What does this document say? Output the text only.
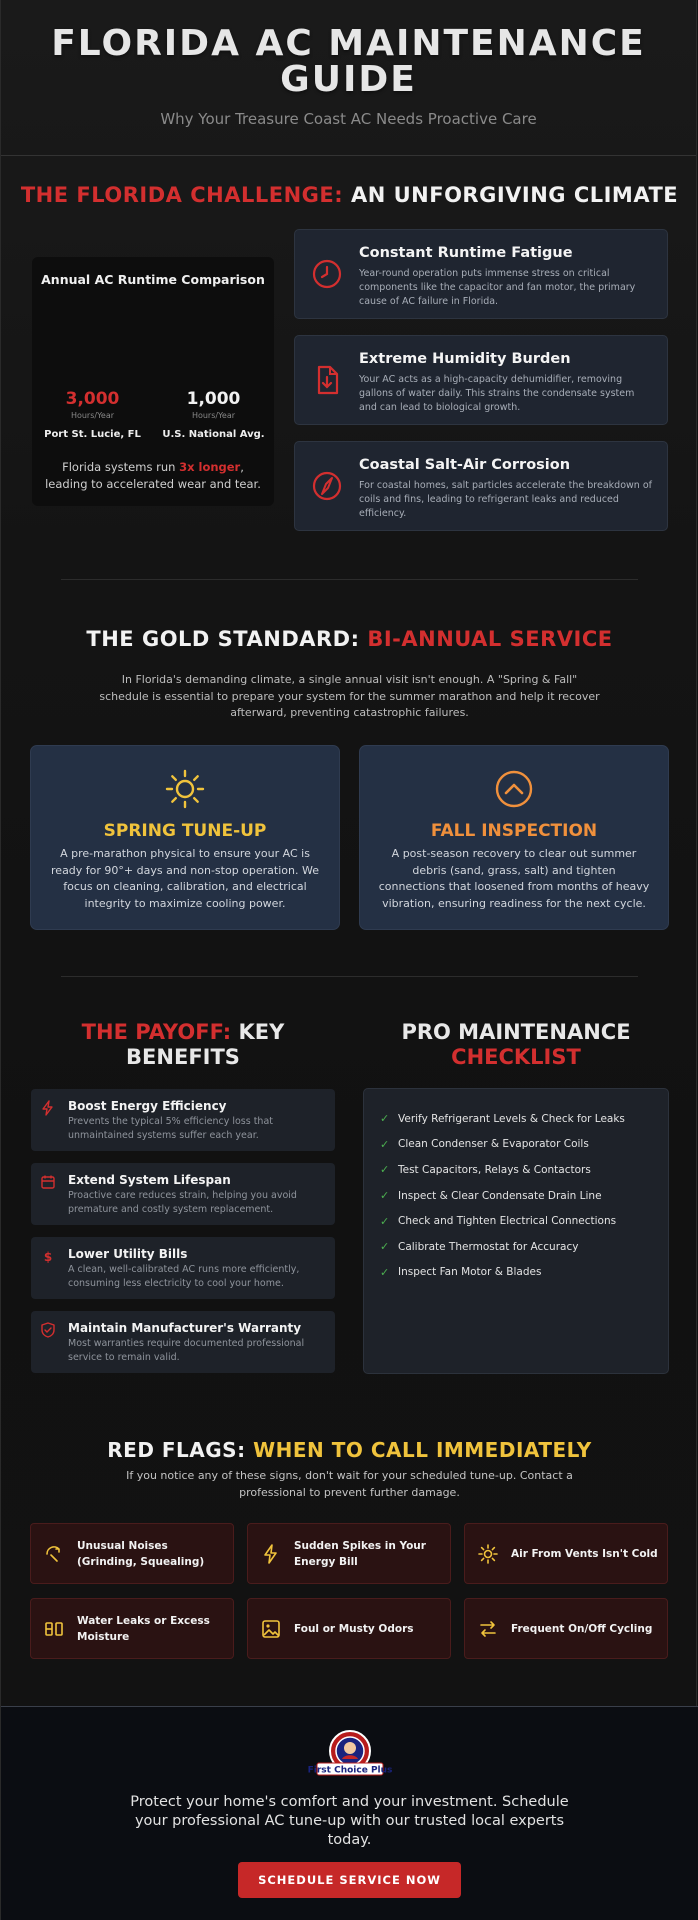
FLORIDA AC MAINTENANCE GUIDE
Why Your Treasure Coast AC Needs Proactive Care
THE FLORIDA CHALLENGE: AN UNFORGIVING CLIMATE
Annual AC Runtime Comparison
3,000
Hours/Year
Port St. Lucie, FL
1,000
Hours/Year
U.S. National Avg.
Florida systems run 3x longer, leading to accelerated wear and tear.
Constant Runtime Fatigue
Year-round operation puts immense stress on critical components like the capacitor and fan motor, the primary cause of AC failure in Florida.
Extreme Humidity Burden
Your AC acts as a high-capacity dehumidifier, removing gallons of water daily. This strains the condensate system and can lead to biological growth.
Coastal Salt-Air Corrosion
For coastal homes, salt particles accelerate the breakdown of coils and fins, leading to refrigerant leaks and reduced efficiency.
THE GOLD STANDARD: BI-ANNUAL SERVICE
In Florida's demanding climate, a single annual visit isn't enough. A "Spring & Fall" schedule is essential to prepare your system for the summer marathon and help it recover afterward, preventing catastrophic failures.
SPRING TUNE-UP
A pre-marathon physical to ensure your AC is ready for 90°+ days and non-stop operation. We focus on cleaning, calibration, and electrical integrity to maximize cooling power.
FALL INSPECTION
A post-season recovery to clear out summer debris (sand, grass, salt) and tighten connections that loosened from months of heavy vibration, ensuring readiness for the next cycle.
THE PAYOFF: KEY BENEFITS
Boost Energy Efficiency
Prevents the typical 5% efficiency loss that unmaintained systems suffer each year.
Extend System Lifespan
Proactive care reduces strain, helping you avoid premature and costly system replacement.
$ Lower Utility Bills
A clean, well-calibrated AC runs more efficiently, consuming less electricity to cool your home.
Maintain Manufacturer's Warranty
Most warranties require documented professional service to remain valid.
PRO MAINTENANCE
CHECKLIST
✓ Verify Refrigerant Levels & Check for Leaks
✓ Clean Condenser & Evaporator Coils
✓ Test Capacitors, Relays & Contactors
✓ Inspect & Clear Condensate Drain Line
✓ Check and Tighten Electrical Connections
✓ Calibrate Thermostat for Accuracy
✓ Inspect Fan Motor & Blades
RED FLAGS: WHEN TO CALL IMMEDIATELY
If you notice any of these signs, don't wait for your scheduled tune-up. Contact a professional to prevent further damage.
Unusual Noises (Grinding, Squealing)
Sudden Spikes in Your Energy Bill
Air From Vents Isn't Cold
Water Leaks or Excess Moisture
Foul or Musty Odors	Frequent On/Off Cycling
First Choice Plus
Protect your home's comfort and your investment. Schedule your professional AC tune-up with our trusted local experts today.
SCHEDULE SERVICE NOW
